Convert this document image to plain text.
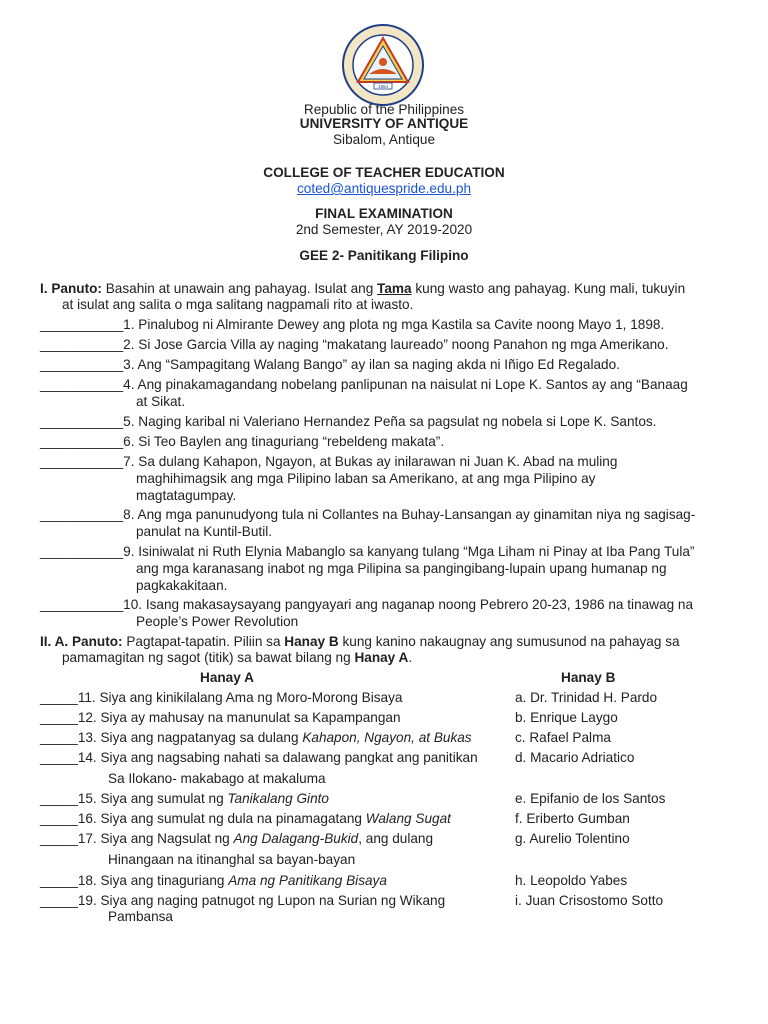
1954
Republic of the Philippines
UNIVERSITY OF ANTIQUE
Sibalom, Antique
COLLEGE OF TEACHER EDUCATION
coted@antiquespride.edu.ph
FINAL EXAMINATION
2nd Semester, AY 2019-2020
GEE 2- Panitikang Filipino
I. Panuto: Basahin at unawain ang pahayag. Isulat ang Tama kung wasto ang pahayag. Kung mali, tukuyin
at isulat ang salita o mga salitang nagpamali rito at iwasto.
___________1. Pinalubog ni Almirante Dewey ang plota ng mga Kastila sa Cavite noong Mayo 1, 1898.
___________2. Si Jose Garcia Villa ay naging “makatang laureado” noong Panahon ng mga Amerikano.
___________3. Ang “Sampagitang Walang Bango” ay ilan sa naging akda ni Iñigo Ed Regalado.
___________4. Ang pinakamagandang nobelang panlipunan na naisulat ni Lope K. Santos ay ang “Banaag
at Sikat.
___________5. Naging karibal ni Valeriano Hernandez Peña sa pagsulat ng nobela si Lope K. Santos.
___________6. Si Teo Baylen ang tinaguriang “rebeldeng makata”.
___________7. Sa dulang Kahapon, Ngayon, at Bukas ay inilarawan ni Juan K. Abad na muling
maghihimagsik ang mga Pilipino laban sa Amerikano, at ang mga Pilipino ay
magtatagumpay.
___________8. Ang mga panunudyong tula ni Collantes na Buhay-Lansangan ay ginamitan niya ng sagisag-
panulat na Kuntil-Butil.
___________9. Isiniwalat ni Ruth Elynia Mabanglo sa kanyang tulang “Mga Liham ni Pinay at Iba Pang Tula”
ang mga karanasang inabot ng mga Pilipina sa pangingibang-lupain upang humanap ng
pagkakakitaan.
___________10. Isang makasaysayang pangyayari ang naganap noong Pebrero 20-23, 1986 na tinawag na
People’s Power Revolution
II. A. Panuto: Pagtapat-tapatin. Piliin sa Hanay B kung kanino nakaugnay ang sumusunod na pahayag sa
pamamagitan ng sagot (titik) sa bawat bilang ng Hanay A.
Hanay A	Hanay B
_____11. Siya ang kinikilalang Ama ng Moro-Morong Bisaya
_____12. Siya ay mahusay na manunulat sa Kapampangan
_____13. Siya ang nagpatanyag sa dulang Kahapon, Ngayon, at Bukas
_____14. Siya ang nagsabing nahati sa dalawang pangkat ang panitikan
Sa Ilokano- makabago at makaluma
_____15. Siya ang sumulat ng Tanikalang Ginto
_____16. Siya ang sumulat ng dula na pinamagatang Walang Sugat
_____17. Siya ang Nagsulat ng Ang Dalagang-Bukid, ang dulang
Hinangaan na itinanghal sa bayan-bayan
_____18. Siya ang tinaguriang Ama ng Panitikang Bisaya
_____19. Siya ang naging patnugot ng Lupon na Surian ng Wikang
Pambansa
a. Dr. Trinidad H. Pardo
b. Enrique Laygo
c. Rafael Palma
d. Macario Adriatico
e. Epifanio de los Santos
f. Eriberto Gumban
g. Aurelio Tolentino
h. Leopoldo Yabes
i. Juan Crisostomo Sotto
